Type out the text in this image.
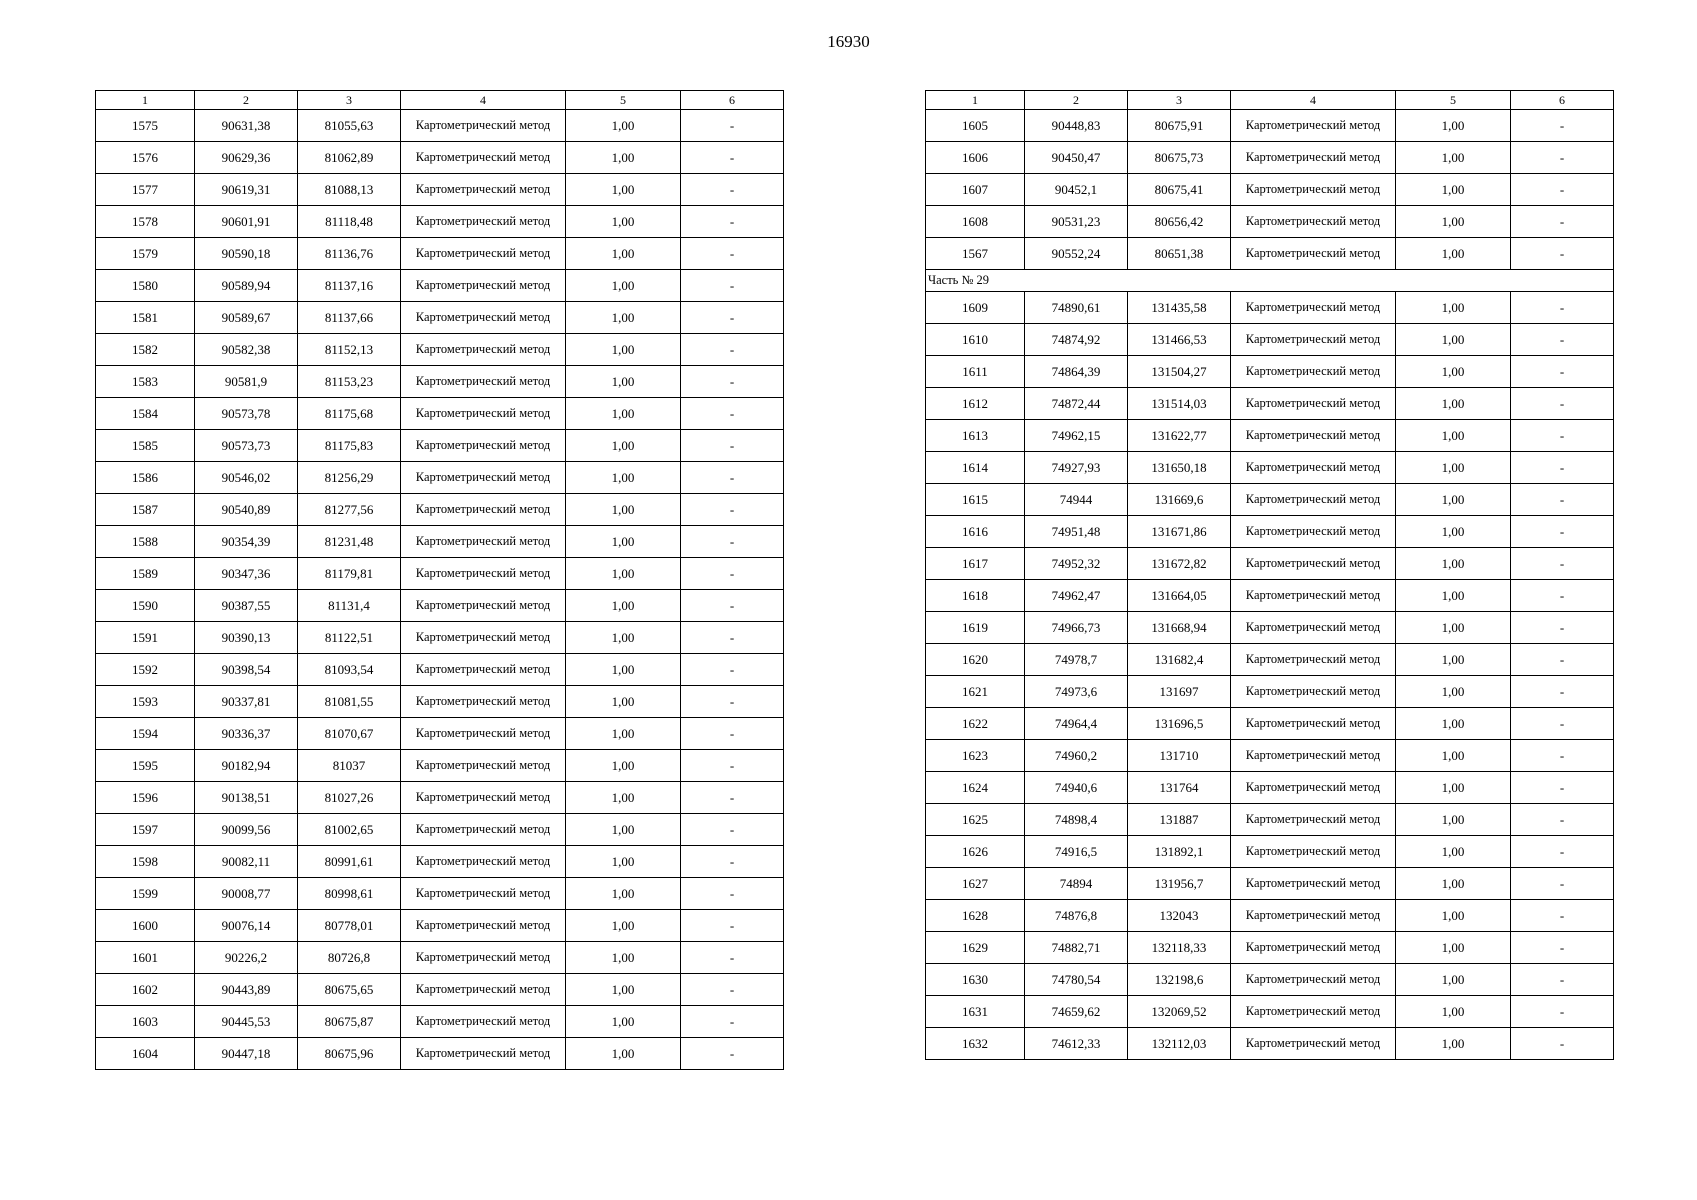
16930
1	2	3	4	5	6
1575	90631,38	81055,63	Картометрический метод	1,00	-
1576	90629,36	81062,89	Картометрический метод	1,00	-
1577	90619,31	81088,13	Картометрический метод	1,00	-
1578	90601,91	81118,48	Картометрический метод	1,00	-
1579	90590,18	81136,76	Картометрический метод	1,00	-
1580	90589,94	81137,16	Картометрический метод	1,00	-
1581	90589,67	81137,66	Картометрический метод	1,00	-
1582	90582,38	81152,13	Картометрический метод	1,00	-
1583	90581,9	81153,23	Картометрический метод	1,00	-
1584	90573,78	81175,68	Картометрический метод	1,00	-
1585	90573,73	81175,83	Картометрический метод	1,00	-
1586	90546,02	81256,29	Картометрический метод	1,00	-
1587	90540,89	81277,56	Картометрический метод	1,00	-
1588	90354,39	81231,48	Картометрический метод	1,00	-
1589	90347,36	81179,81	Картометрический метод	1,00	-
1590	90387,55	81131,4	Картометрический метод	1,00	-
1591	90390,13	81122,51	Картометрический метод	1,00	-
1592	90398,54	81093,54	Картометрический метод	1,00	-
1593	90337,81	81081,55	Картометрический метод	1,00	-
1594	90336,37	81070,67	Картометрический метод	1,00	-
1595	90182,94	81037	Картометрический метод	1,00	-
1596	90138,51	81027,26	Картометрический метод	1,00	-
1597	90099,56	81002,65	Картометрический метод	1,00	-
1598	90082,11	80991,61	Картометрический метод	1,00	-
1599	90008,77	80998,61	Картометрический метод	1,00	-
1600	90076,14	80778,01	Картометрический метод	1,00	-
1601	90226,2	80726,8	Картометрический метод	1,00	-
1602	90443,89	80675,65	Картометрический метод	1,00	-
1603	90445,53	80675,87	Картометрический метод	1,00	-
1604	90447,18	80675,96	Картометрический метод	1,00	-
1	2	3	4	5	6
1605	90448,83	80675,91	Картометрический метод	1,00	-
1606	90450,47	80675,73	Картометрический метод	1,00	-
1607	90452,1	80675,41	Картометрический метод	1,00	-
1608	90531,23	80656,42	Картометрический метод	1,00	-
1567	90552,24	80651,38	Картометрический метод	1,00	-
Часть № 29					
1609	74890,61	131435,58	Картометрический метод	1,00	-
1610	74874,92	131466,53	Картометрический метод	1,00	-
1611	74864,39	131504,27	Картометрический метод	1,00	-
1612	74872,44	131514,03	Картометрический метод	1,00	-
1613	74962,15	131622,77	Картометрический метод	1,00	-
1614	74927,93	131650,18	Картометрический метод	1,00	-
1615	74944	131669,6	Картометрический метод	1,00	-
1616	74951,48	131671,86	Картометрический метод	1,00	-
1617	74952,32	131672,82	Картометрический метод	1,00	-
1618	74962,47	131664,05	Картометрический метод	1,00	-
1619	74966,73	131668,94	Картометрический метод	1,00	-
1620	74978,7	131682,4	Картометрический метод	1,00	-
1621	74973,6	131697	Картометрический метод	1,00	-
1622	74964,4	131696,5	Картометрический метод	1,00	-
1623	74960,2	131710	Картометрический метод	1,00	-
1624	74940,6	131764	Картометрический метод	1,00	-
1625	74898,4	131887	Картометрический метод	1,00	-
1626	74916,5	131892,1	Картометрический метод	1,00	-
1627	74894	131956,7	Картометрический метод	1,00	-
1628	74876,8	132043	Картометрический метод	1,00	-
1629	74882,71	132118,33	Картометрический метод	1,00	-
1630	74780,54	132198,6	Картометрический метод	1,00	-
1631	74659,62	132069,52	Картометрический метод	1,00	-
1632	74612,33	132112,03	Картометрический метод	1,00	-
